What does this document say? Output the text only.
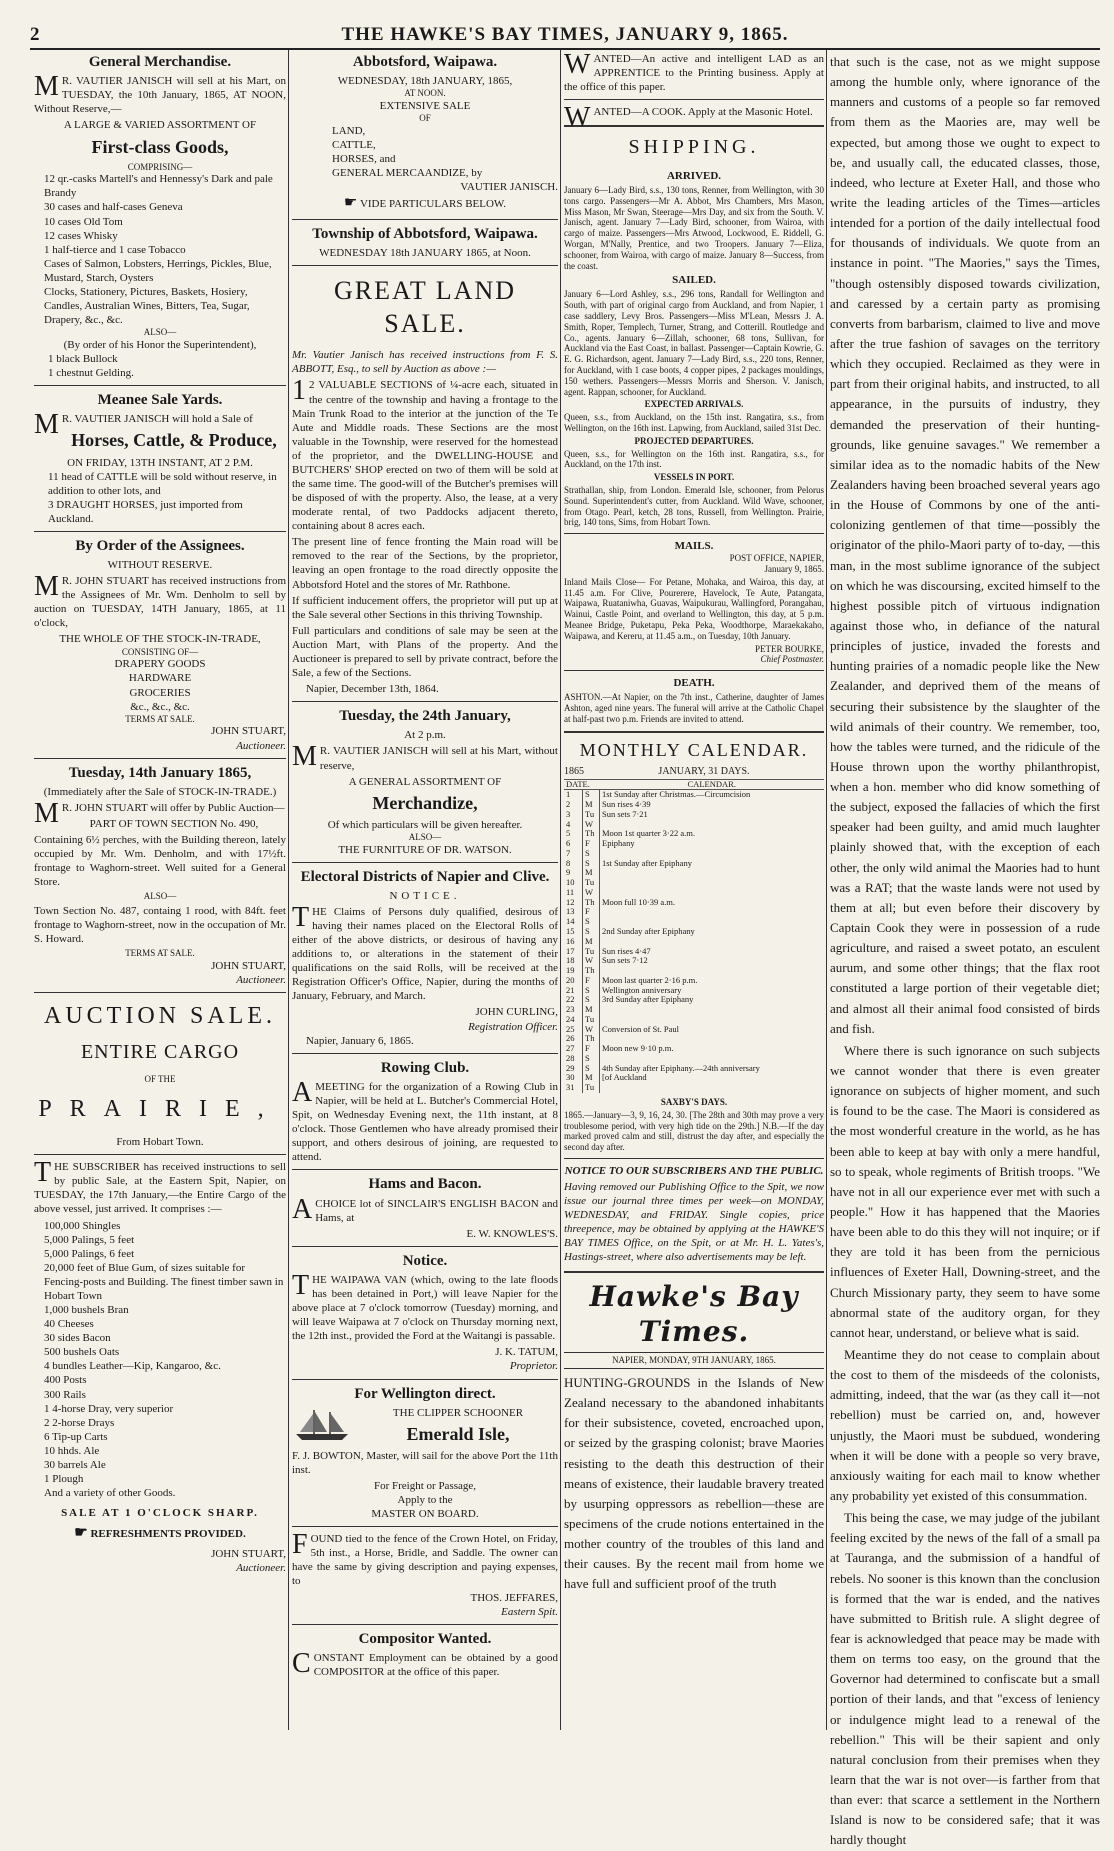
2	THE HAWKE'S BAY TIMES, JANUARY 9, 1865.
General Merchandise.

MR. VAUTIER JANISCH will sell at his Mart, on TUESDAY, the 10th January, 1865, AT NOON, Without Reserve,—

A LARGE & VARIED ASSORTMENT OF
First-class Goods,
COMPRISING—
12 qr.-casks Martell's and Hennessy's Dark and pale Brandy
30 cases and half-cases Geneva
10 cases Old Tom
12 cases Whisky
1 half-tierce and 1 case Tobacco
Cases of Salmon, Lobsters, Herrings, Pickles, Blue, Mustard, Starch, Oysters
Clocks, Stationery, Pictures, Baskets, Hosiery, Candles, Australian Wines, Bitters, Tea, Sugar, Drapery, &c., &c.
ALSO—
(By order of his Honor the Superintendent),
1 black Bullock
1 chestnut Gelding.
Meanee Sale Yards.

MR. VAUTIER JANISCH will hold a Sale of

Horses, Cattle, & Produce,
ON FRIDAY, 13TH INSTANT, AT 2 P.M.
11 head of CATTLE will be sold without reserve, in addition to other lots, and
3 DRAUGHT HORSES, just imported from Auckland.
By Order of the Assignees.
WITHOUT RESERVE.

MR. JOHN STUART has received instructions from the Assignees of Mr. Wm. Denholm to sell by auction on TUESDAY, 14TH January, 1865, at 11 o'clock,

THE WHOLE OF THE STOCK-IN-TRADE,
CONSISTING OF—
DRAPERY GOODS
HARDWARE
GROCERIES
&c., &c., &c.
TERMS AT SALE.
JOHN STUART,
Auctioneer.
Tuesday, 14th January 1865,
(Immediately after the Sale of STOCK-IN-TRADE.)

MR. JOHN STUART will offer by Public Auction—

PART OF TOWN SECTION No. 490,

Containing 6½ perches, with the Building thereon, lately occupied by Mr. Wm. Denholm, and with 17½ft. frontage to Waghorn-street. Well suited for a General Store.

ALSO—

Town Section No. 487, containg 1 rood, with 84ft. feet frontage to Waghorn-street, now in the occupation of Mr. S. Howard.

TERMS AT SALE.
JOHN STUART,
Auctioneer.
AUCTION SALE.
ENTIRE CARGO
OF THE
PRAIRIE,
From Hobart Town.

THE SUBSCRIBER has received instructions to sell by public Sale, at the Eastern Spit, Napier, on TUESDAY, the 17th January,—the Entire Cargo of the above vessel, just arrived. It comprises :—

100,000 Shingles
5,000 Palings, 5 feet
5,000 Palings, 6 feet
20,000 feet of Blue Gum, of sizes suitable for Fencing-posts and Building. The finest timber sawn in Hobart Town
1,000 bushels Bran
40 Cheeses
30 sides Bacon
500 bushels Oats
4 bundles Leather—Kip, Kangaroo, &c.
400 Posts
300 Rails
1 4-horse Dray, very superior
2 2-horse Drays
6 Tip-up Carts
10 hhds. Ale
30 barrels Ale
1 Plough
And a variety of other Goods.
SALE AT 1 O'CLOCK SHARP.
☛ REFRESHMENTS PROVIDED.
JOHN STUART,
Auctioneer.
Abbotsford, Waipawa.
WEDNESDAY, 18th JANUARY, 1865,
AT NOON.
EXTENSIVE SALE
OF
LAND,
CATTLE,
HORSES, and
GENERAL MERCAANDIZE, by
VAUTIER JANISCH.
☛ VIDE PARTICULARS BELOW.
Township of Abbotsford, Waipawa.
WEDNESDAY 18th JANUARY 1865, at Noon.
GREAT LAND SALE.

Mr. Vautier Janisch has received instructions from F. S. ABBOTT, Esq., to sell by Auction as above :—

12 VALUABLE SECTIONS of ¼-acre each, situated in the centre of the township and having a frontage to the Main Trunk Road to the interior at the junction of the Te Aute and Middle roads. These Sections are the most valuable in the Township, were reserved for the homestead of the proprietor, and the DWELLING-HOUSE and BUTCHERS' SHOP erected on two of them will be sold at the same time. The good-will of the Butcher's premises will be disposed of with the property. Also, the lease, at a very moderate rental, of two Paddocks adjacent thereto, containing about 8 acres each.

The present line of fence fronting the Main road will be removed to the rear of the Sections, by the proprietor, leaving an open frontage to the road directly opposite the Abbotsford Hotel and the stores of Mr. Rathbone.

If sufficient inducement offers, the proprietor will put up at the Sale several other Sections in this thriving Township.

Full particulars and conditions of sale may be seen at the Auction Mart, with Plans of the property. And the Auctioneer is prepared to sell by private contract, before the Sale, a few of the Sections.

Napier, December 13th, 1864.
Tuesday, the 24th January,
At 2 p.m.

MR. VAUTIER JANISCH will sell at his Mart, without reserve,

A GENERAL ASSORTMENT OF
Merchandize,
Of which particulars will be given hereafter.
ALSO—
THE FURNITURE OF DR. WATSON.
Electoral Districts of Napier and Clive.
NOTICE.

THE Claims of Persons duly qualified, desirous of having their names placed on the Electoral Rolls of either of the above districts, or desirous of having any additions to, or alterations in the statement of their qualifications on the said Rolls, will be received at the Registration Officer's Office, Napier, during the months of January, February, and March.

JOHN CURLING,
Registration Officer.
Napier, January 6, 1865.
Rowing Club.

AMEETING for the organization of a Rowing Club in Napier, will be held at L. Butcher's Commercial Hotel, Spit, on Wednesday Evening next, the 11th instant, at 8 o'clock. Those Gentlemen who have already promised their support, and others desirous of joining, are requested to attend.

Hams and Bacon.

ACHOICE lot of SINCLAIR'S ENGLISH BACON and Hams, at

E. W. KNOWLES'S.
Notice.

THE WAIPAWA VAN (which, owing to the late floods has been detained in Port,) will leave Napier for the above place at 7 o'clock tomorrow (Tuesday) morning, and will leave Waipawa at 7 o'clock on Thursday morning next, the 12th inst., provided the Ford at the Waitangi is passable.

J. K. TATUM,
Proprietor.
For Wellington direct.
THE CLIPPER SCHOONER
Emerald Isle,

F. J. BOWTON, Master, will sail for the above Port the 11th inst.

For Freight or Passage,
Apply to the
MASTER ON BOARD.

FOUND tied to the fence of the Crown Hotel, on Friday, 5th inst., a Horse, Bridle, and Saddle. The owner can have the same by giving description and paying expenses, to

THOS. JEFFARES,
Eastern Spit.
Compositor Wanted.

CONSTANT Employment can be obtained by a good COMPOSITOR at the office of this paper.

WANTED—An active and intelligent LAD as an APPRENTICE to the Printing business. Apply at the office of this paper.

WANTED—A COOK. Apply at the Masonic Hotel.

SHIPPING.
ARRIVED.

January 6—Lady Bird, s.s., 130 tons, Renner, from Wellington, with 30 tons cargo. Passengers—Mr A. Abbot, Mrs Chambers, Mrs Mason, Miss Mason, Mr Swan, Steerage—Mrs Day, and six from the South. V. Janisch, agent. January 7—Lady Bird, schooner, from Wairoa, with cargo of maize. Passengers—Mrs Atwood, Lockwood, E. Riddell, G. Worgan, M'Nally, Prentice, and two Troopers. January 7—Eliza, schooner, from Wairoa, with cargo of maize. January 8—Success, from the coast.

SAILED.

January 6—Lord Ashley, s.s., 296 tons, Randall for Wellington and South, with part of original cargo from Auckland, and from Napier, 1 case saddlery, Levy Bros. Passengers—Miss M'Lean, Messrs J. A. Smith, Roper, Templech, Turner, Strang, and Cotterill. Routledge and Co., agents. January 6—Zillah, schooner, 68 tons, Sullivan, for Auckland via the East Coast, in ballast. Passenger—Captain Kowrie, G. E. G. Richardson, agent. January 7—Lady Bird, s.s., 220 tons, Renner, for Auckland, with 1 case boots, 4 copper pipes, 2 packages mouldings, 150 wethers. Passengers—Messrs Morris and Sherson. V. Janisch, agent. Rappan, schooner, for Auckland.

EXPECTED ARRIVALS.

Queen, s.s., from Auckland, on the 15th inst. Rangatira, s.s., from Wellington, on the 16th inst. Lapwing, from Auckland, sailed 31st Dec.

PROJECTED DEPARTURES.

Queen, s.s., for Wellington on the 16th inst. Rangatira, s.s., for Auckland, on the 17th inst.

VESSELS IN PORT.

Strathallan, ship, from London. Emerald Isle, schooner, from Pelorus Sound. Superintendent's cutter, from Auckland. Wild Wave, schooner, from Otago. Pearl, ketch, 28 tons, Russell, from Wellington. Prairie, brig, 140 tons, Sims, from Hobart Town.

MAILS.
POST OFFICE, NAPIER,
January 9, 1865.

Inland Mails Close— For Petane, Mohaka, and Wairoa, this day, at 11.45 a.m. For Clive, Pourerere, Havelock, Te Aute, Patangata, Waipawa, Ruataniwha, Guavas, Waipukurau, Wallingford, Porangahau, Wainui, Castle Point, and overland to Wellington, this day, at 5 p.m. Meanee Bridge, Puketapu, Peka Peka, Woodthorpe, Maraekakaho, Waipawa, and Kereru, at 11.45 a.m., on Tuesday, 10th January.

PETER BOURKE,
Chief Postmaster.
DEATH.

ASHTON.—At Napier, on the 7th inst., Catherine, daughter of James Ashton, aged nine years. The funeral will arrive at the Catholic Chapel at half-past two p.m. Friends are invited to attend.

MONTHLY CALENDAR.
1865	JANUARY, 31 DAYS.
DATE.		CALENDAR.
1	S	1st Sunday after Christmas.—Circumcision
2	M	Sun rises 4·39
3	Tu	Sun sets 7·21
4	W	
5	Th	Moon 1st quarter 3·22 a.m.
6	F	Epiphany
7	S	
8	S	1st Sunday after Epiphany
9	M	
10	Tu	
11	W	
12	Th	Moon full 10·39 a.m.
13	F	
14	S	
15	S	2nd Sunday after Epiphany
16	M	
17	Tu	Sun rises 4·47
18	W	Sun sets 7·12
19	Th	
20	F	Moon last quarter 2·16 p.m.
21	S	Wellington anniversary
22	S	3rd Sunday after Epiphany
23	M	
24	Tu	
25	W	Conversion of St. Paul
26	Th	
27	F	Moon new 9·10 p.m.
28	S	
29	S	4th Sunday after Epiphany.—24th anniversary
30	M	[of Auckland
31	Tu	
SAXBY'S DAYS.

1865.—January—3, 9, 16, 24, 30. [The 28th and 30th may prove a very troublesome period, with very high tide on the 29th.] N.B.—If the day marked proved calm and still, distrust the day after, and especially the second day after.

NOTICE TO OUR SUBSCRIBERS AND THE PUBLIC.

Having removed our Publishing Office to the Spit, we now issue our journal three times per week—on MONDAY, WEDNESDAY, and FRIDAY. Single copies, price threepence, may be obtained by applying at the HAWKE'S BAY TIMES Office, on the Spit, or at Mr. H. L. Yates's, Hastings-street, where also advertisements may be left.

Hawke's Bay Times.
NAPIER, MONDAY, 9TH JANUARY, 1865.

HUNTING-GROUNDS in the Islands of New Zealand necessary to the abandoned inhabitants for their subsistence, coveted, encroached upon, or seized by the grasping colonist; brave Maories resisting to the death this destruction of their means of existence, their laudable bravery treated by usurping oppressors as rebellion—these are specimens of the crude notions entertained in the mother country of the troubles of this land and their causes. By the recent mail from home we have full and sufficient proof of the truth

that such is the case, not as we might suppose among the humble only, where ignorance of the manners and customs of a people so far removed from them as the Maories are, may well be expected, but among those we ought to expect to be, and usually call, the educated classes, those, indeed, who lecture at Exeter Hall, and those who write the leading articles of the Times—articles intended for a portion of the daily intellectual food for thousands of individuals. We quote from an instance in point. "The Maories," says the Times, "though ostensibly disposed towards civilization, and caressed by a certain party as promising converts from barbarism, claimed to live and move after the true fashion of savages on the territory which they occupied. Reclaimed as they were in part from their original habits, and instructed, to all appearance, in the pursuits of industry, they demanded the preservation of their hunting-grounds, like genuine savages." We remember a similar idea as to the nomadic habits of the New Zealanders having been broached several years ago in the House of Commons by one of the anti-colonizing gentlemen of that time—possibly the originator of the philo-Maori party of to-day, —this man, in the most sublime ignorance of the subject on which he was discoursing, excited himself to the highest possible pitch of virtuous indignation against those who, in defiance of the natural principles of justice, invaded the forests and hunting prairies of a nomadic people like the New Zealander, and deprived them of the means of securing their subsistence by the slaughter of the wild animals of their country. We remember, too, how the tables were turned, and the ridicule of the House thrown upon the worthy philanthropist, when a hon. member who did know something of the subject, exposed the fallacies of which the first speaker had been guilty, and amid much laughter plainly showed that, with the exception of each other, the only wild animal the Maories had to hunt was a RAT; that the waste lands were not used by them at all; but even before their discovery by Captain Cook they were in possession of a rude agriculture, and raised a sweet potato, an esculent aurum, and some other things; that the flax root constituted a large portion of their vegetable diet; and almost all their animal food consisted of birds and fish.

Where there is such ignorance on such subjects we cannot wonder that there is even greater ignorance on subjects of higher moment, and such is found to be the case. The Maori is considered as the most wonderful creature in the world, as he has been able to keep at bay with only a mere handful, so to speak, whole regiments of British troops. "We have not in all our experience ever met with such a people." How it has happened that the Maories have been able to do this they will not inquire; or if they are told it has been from the pernicious influences of Exeter Hall, Downing-street, and the Church Missionary party, they seem to have some abnormal state of the auditory organ, for they cannot hear, understand, or believe what is said.

Meantime they do not cease to complain about the cost to them of the misdeeds of the colonists, admitting, indeed, that the war (as they call it—not rebellion) must be carried on, and, however unjustly, the Maori must be subdued, wondering when it will be done with a people so very brave, anxiously waiting for each mail to know whether any probability yet existed of this consummation.

This being the case, we may judge of the jubilant feeling excited by the news of the fall of a small pa at Tauranga, and the submission of a handful of rebels. No sooner is this known than the conclusion is formed that the war is ended, and the natives have submitted to British rule. A slight degree of fear is acknowledged that peace may be made with them on terms too easy, on the ground that the Governor had determined to confiscate but a small portion of their lands, and that "excess of leniency or indulgence might lead to a renewal of the rebellion." This will be their sapient and only natural conclusion from their premises when they learn that the war is not over—is farther from that than ever: that scarce a settlement in the Northern Island is now to be considered safe; that it was hardly thought
